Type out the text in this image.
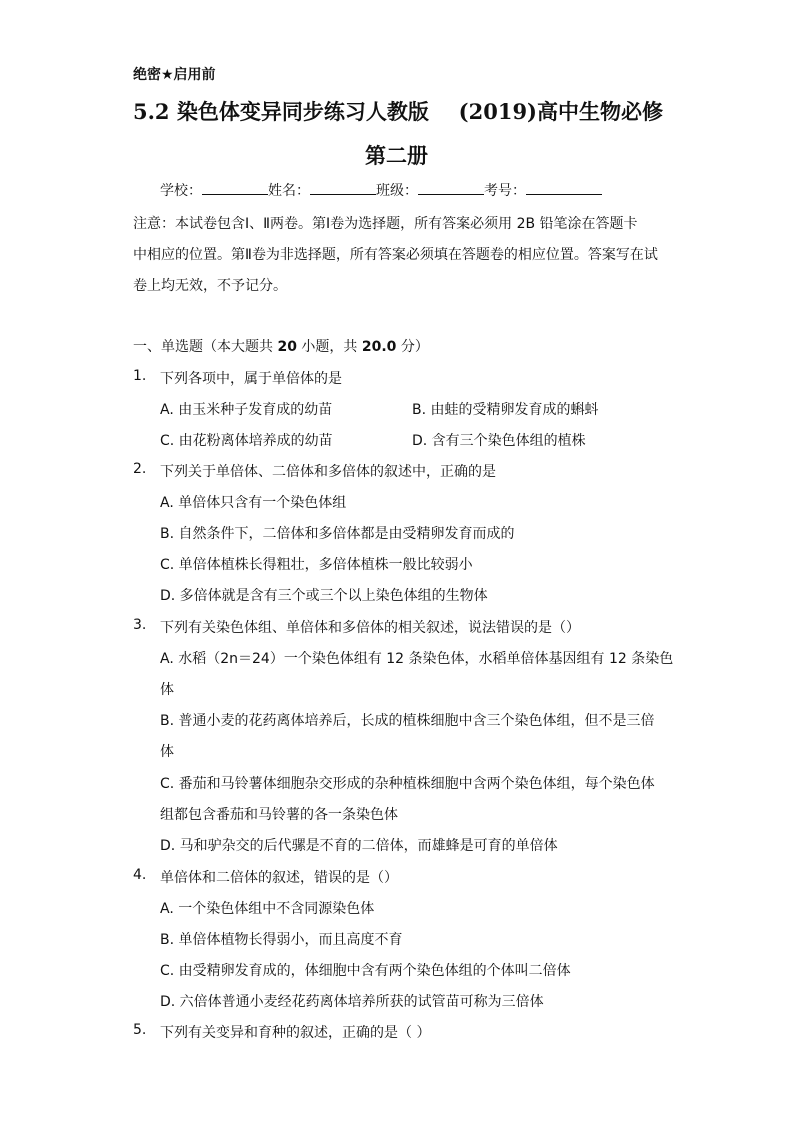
绝密★启用前
5.2 染色体变异同步练习人教版 (2019)高中生物必修
第二册
学校：	姓名：	班级：	考号：
注意：本试卷包含Ⅰ、Ⅱ两卷。第Ⅰ卷为选择题，所有答案必须用 2B 铅笔涂在答题卡
中相应的位置。第Ⅱ卷为非选择题，所有答案必须填在答题卷的相应位置。答案写在试
卷上均无效，不予记分。
一、单选题（本大题共 20 小题，共 20.0 分）
1. 下列各项中，属于单倍体的是
A. 由玉米种子发育成的幼苗	B. 由蛙的受精卵发育成的蝌蚪
C. 由花粉离体培养成的幼苗	D. 含有三个染色体组的植株
2. 下列关于单倍体、二倍体和多倍体的叙述中，正确的是
A. 单倍体只含有一个染色体组
B. 自然条件下，二倍体和多倍体都是由受精卵发育而成的
C. 单倍体植株长得粗壮，多倍体植株一般比较弱小
D. 多倍体就是含有三个或三个以上染色体组的生物体
3. 下列有关染色体组、单倍体和多倍体的相关叙述，说法错误的是（）
A. 水稻（2n＝24）一个染色体组有 12 条染色体，水稻单倍体基因组有 12 条染色
体
B. 普通小麦的花药离体培养后，长成的植株细胞中含三个染色体组，但不是三倍
体
C. 番茄和马铃薯体细胞杂交形成的杂种植株细胞中含两个染色体组，每个染色体
组都包含番茄和马铃薯的各一条染色体
D. 马和驴杂交的后代骡是不育的二倍体，而雄蜂是可育的单倍体
4. 单倍体和二倍体的叙述，错误的是（）
A. 一个染色体组中不含同源染色体
B. 单倍体植物长得弱小，而且高度不育
C. 由受精卵发育成的，体细胞中含有两个染色体组的个体叫二倍体
D. 六倍体普通小麦经花药离体培养所获的试管苗可称为三倍体
5. 下列有关变异和育种的叙述，正确的是（ ）
